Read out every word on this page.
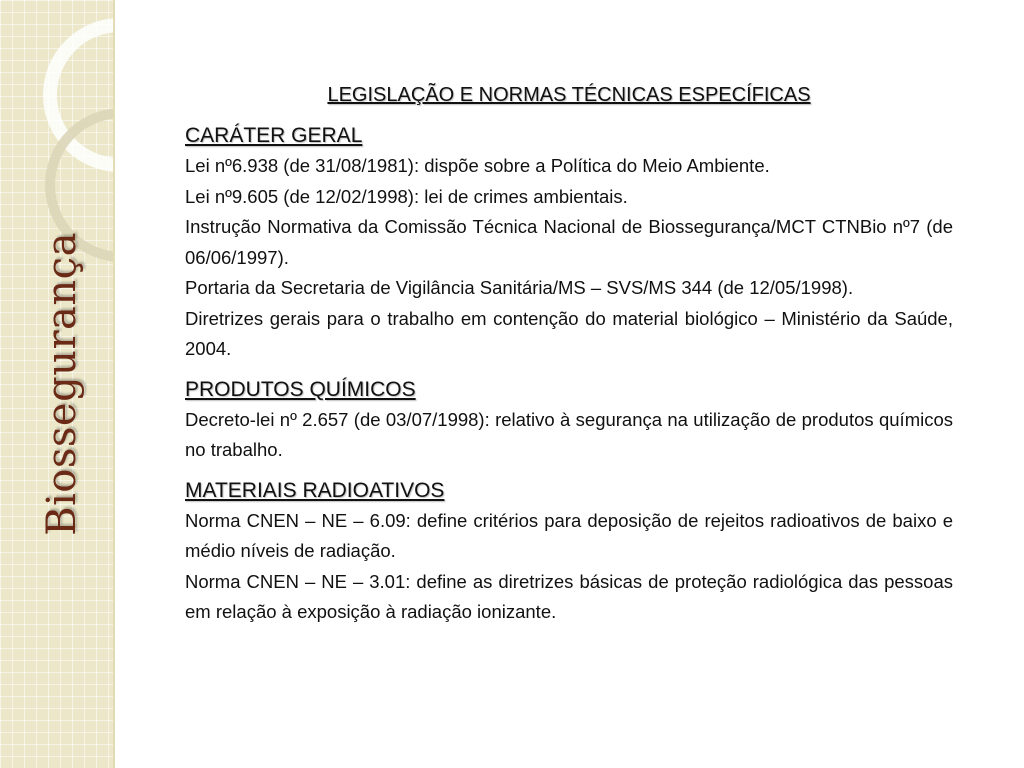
Biossegurança
LEGISLAÇÃO E NORMAS TÉCNICAS ESPECÍFICAS
CARÁTER GERAL

Lei nº6.938 (de 31/08/1981): dispõe sobre a Política do Meio Ambiente.

Lei nº9.605 (de 12/02/1998): lei de crimes ambientais.

Instrução Normativa da Comissão Técnica Nacional de Biossegurança/MCT CTNBio nº7 (de 06/06/1997).

Portaria da Secretaria de Vigilância Sanitária/MS – SVS/MS 344 (de 12/05/1998).

Diretrizes gerais para o trabalho em contenção do material biológico – Ministério da Saúde, 2004.

PRODUTOS QUÍMICOS

Decreto-lei nº 2.657 (de 03/07/1998): relativo à segurança na utilização de produtos químicos no trabalho.

MATERIAIS RADIOATIVOS

Norma CNEN – NE – 6.09: define critérios para deposição de rejeitos radioativos de baixo e médio níveis de radiação.

Norma CNEN – NE – 3.01: define as diretrizes básicas de proteção radiológica das pessoas em relação à exposição à radiação ionizante.
